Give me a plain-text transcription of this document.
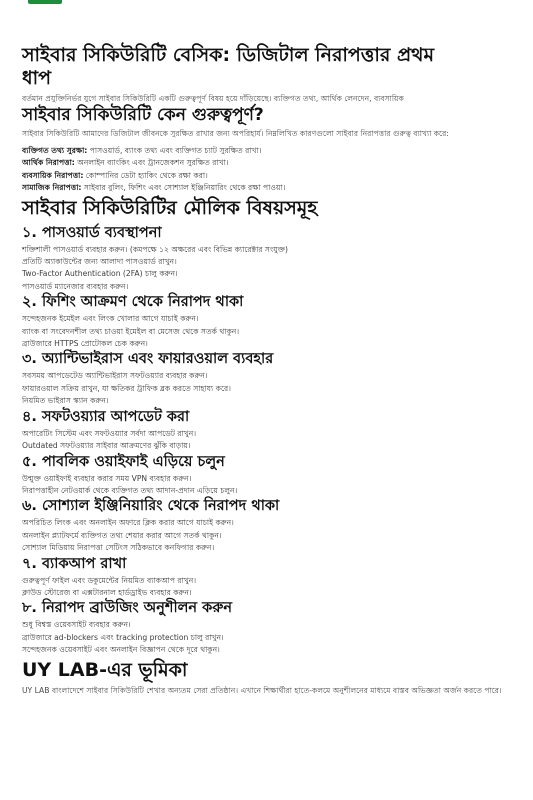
সাইবার সিকিউরিটি বেসিক: ডিজিটাল নিরাপত্তার প্রথম ধাপ

বর্তমান প্রযুক্তিনির্ভর যুগে সাইবার সিকিউরিটি একটি গুরুত্বপূর্ণ বিষয় হয়ে দাঁড়িয়েছে। ব্যক্তিগত তথ্য, আর্থিক লেনদেন, ব্যবসায়িক

সাইবার সিকিউরিটি কেন গুরুত্বপূর্ণ?

সাইবার সিকিউরিটি আমাদের ডিজিটাল জীবনকে সুরক্ষিত রাখার জন্য অপরিহার্য। নিম্নলিখিত কারণগুলো সাইবার নিরাপত্তার গুরুত্ব ব্যাখ্যা করে:

ব্যক্তিগত তথ্য সুরক্ষা: পাসওয়ার্ড, ব্যাংক তথ্য এবং ব্যক্তিগত চ্যাট সুরক্ষিত রাখা।

আর্থিক নিরাপত্তা: অনলাইন ব্যাংকিং এবং ট্রানজেকশন সুরক্ষিত রাখা।

ব্যবসায়িক নিরাপত্তা: কোম্পানির ডেটা হ্যাকিং থেকে রক্ষা করা।

সামাজিক নিরাপত্তা: সাইবার বুলিং, ফিশিং এবং সোশ্যাল ইঞ্জিনিয়ারিং থেকে রক্ষা পাওয়া।

সাইবার সিকিউরিটির মৌলিক বিষয়সমূহ
১. পাসওয়ার্ড ব্যবস্থাপনা

শক্তিশালী পাসওয়ার্ড ব্যবহার করুন। (কমপক্ষে ১২ অক্ষরের এবং বিভিন্ন ক্যারেক্টার সংযুক্ত)

প্রতিটি অ্যাকাউন্টের জন্য আলাদা পাসওয়ার্ড রাখুন।

Two-Factor Authentication (2FA) চালু করুন।

পাসওয়ার্ড ম্যানেজার ব্যবহার করুন।

২. ফিশিং আক্রমণ থেকে নিরাপদ থাকা

সন্দেহজনক ইমেইল এবং লিংক খোলার আগে যাচাই করুন।

ব্যাংক বা সংবেদনশীল তথ্য চাওয়া ইমেইল বা মেসেজ থেকে সতর্ক থাকুন।

ব্রাউজারে HTTPS প্রোটোকল চেক করুন।

৩. অ্যান্টিভাইরাস এবং ফায়ারওয়াল ব্যবহার

সবসময় আপডেটেড অ্যান্টিভাইরাস সফটওয়্যার ব্যবহার করুন।

ফায়ারওয়াল সক্রিয় রাখুন, যা ক্ষতিকর ট্রাফিক ব্লক করতে সাহায্য করে।

নিয়মিত ভাইরাস স্ক্যান করুন।

৪. সফটওয়্যার আপডেট করা

অপারেটিং সিস্টেম এবং সফটওয়্যার সর্বদা আপডেট রাখুন।

Outdated সফটওয়্যার সাইবার আক্রমণের ঝুঁকি বাড়ায়।

৫. পাবলিক ওয়াইফাই এড়িয়ে চলুন

উন্মুক্ত ওয়াইফাই ব্যবহার করার সময় VPN ব্যবহার করুন।

নিরাপত্তাহীন নেটওয়ার্ক থেকে ব্যক্তিগত তথ্য আদান-প্রদান এড়িয়ে চলুন।

৬. সোশ্যাল ইঞ্জিনিয়ারিং থেকে নিরাপদ থাকা

অপরিচিত লিংক এবং অনলাইন অফারে ক্লিক করার আগে যাচাই করুন।

অনলাইন প্ল্যাটফর্মে ব্যক্তিগত তথ্য শেয়ার করার আগে সতর্ক থাকুন।

সোশ্যাল মিডিয়ায় নিরাপত্তা সেটিংস সঠিকভাবে কনফিগার করুন।

৭. ব্যাকআপ রাখা

গুরুত্বপূর্ণ ফাইল এবং ডকুমেন্টের নিয়মিত ব্যাকআপ রাখুন।

ক্লাউড স্টোরেজ বা এক্সটারনাল হার্ডড্রাইভ ব্যবহার করুন।

৮. নিরাপদ ব্রাউজিং অনুশীলন করুন

শুধু বিশ্বস্ত ওয়েবসাইট ব্যবহার করুন।

ব্রাউজারে ad-blockers এবং tracking protection চালু রাখুন।

সন্দেহজনক ওয়েবসাইট এবং অনলাইন বিজ্ঞাপন থেকে দূরে থাকুন।

UY LAB-এর ভূমিকা

UY LAB বাংলাদেশে সাইবার সিকিউরিটি শেখার অন্যতম সেরা প্রতিষ্ঠান। এখানে শিক্ষার্থীরা হাতে-কলমে অনুশীলনের মাধ্যমে বাস্তব অভিজ্ঞতা অর্জন করতে পারে।
